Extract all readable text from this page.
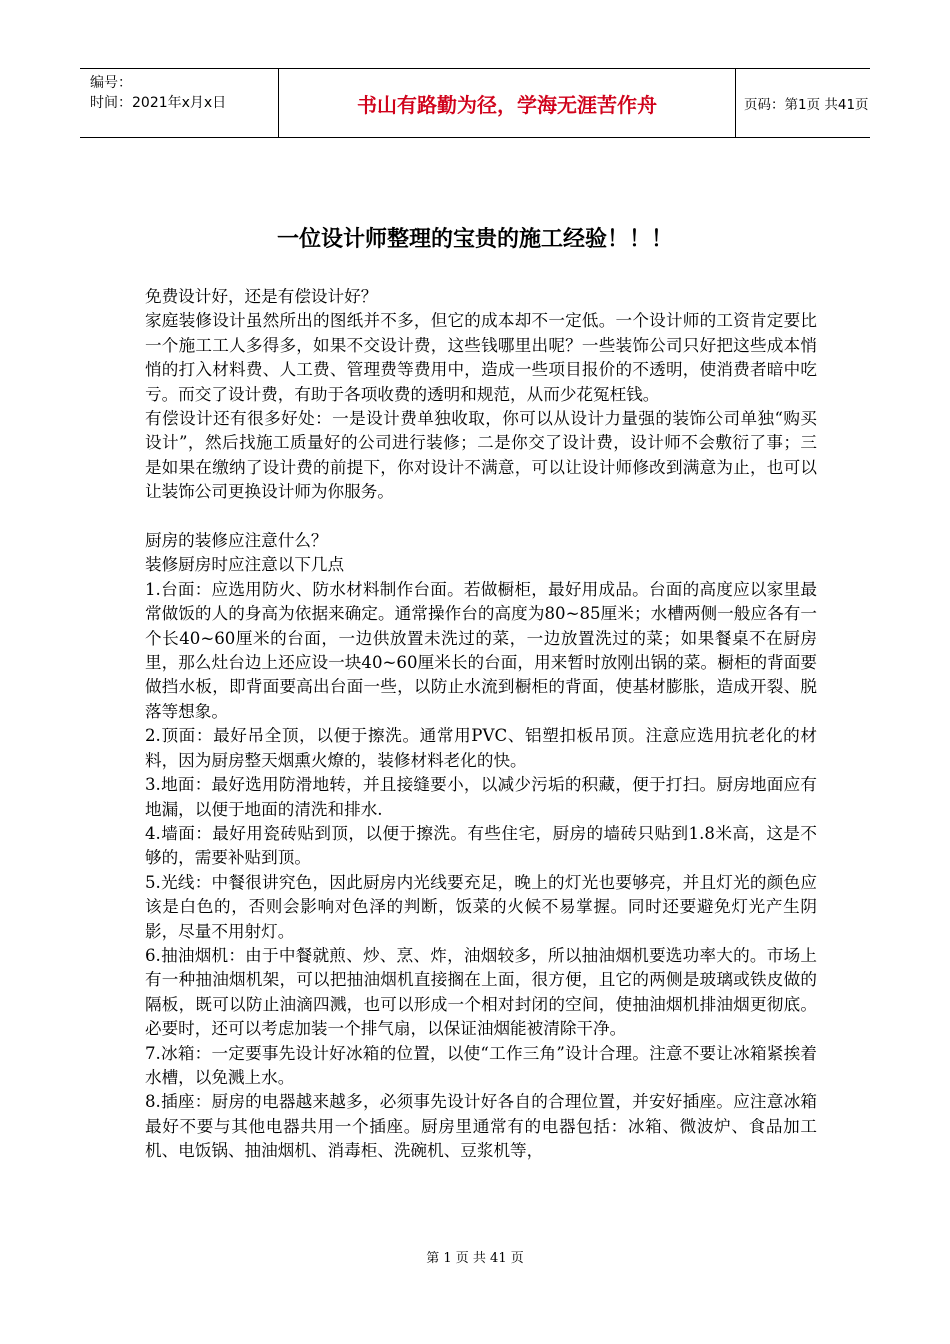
编号：
时间：2021年x月x日	书山有路勤为径，学海无涯苦作舟	页码：第1页 共41页
一位设计师整理的宝贵的施工经验！！！

免费设计好，还是有偿设计好？

家庭装修设计虽然所出的图纸并不多，但它的成本却不一定低。一个设计师的工资肯定要比一个施工工人多得多，如果不交设计费，这些钱哪里出呢？一些装饰公司只好把这些成本悄悄的打入材料费、人工费、管理费等费用中，造成一些项目报价的不透明，使消费者暗中吃亏。而交了设计费，有助于各项收费的透明和规范，从而少花冤枉钱。

有偿设计还有很多好处：一是设计费单独收取，你可以从设计力量强的装饰公司单独“购买设计”，然后找施工质量好的公司进行装修；二是你交了设计费，设计师不会敷衍了事；三是如果在缴纳了设计费的前提下，你对设计不满意，可以让设计师修改到满意为止，也可以让装饰公司更换设计师为你服务。

厨房的装修应注意什么？

装修厨房时应注意以下几点

1.台面：应选用防火、防水材料制作台面。若做橱柜，最好用成品。台面的高度应以家里最常做饭的人的身高为依据来确定。通常操作台的高度为80~85厘米；水槽两侧一般应各有一个长40~60厘米的台面，一边供放置未洗过的菜，一边放置洗过的菜；如果餐桌不在厨房里，那么灶台边上还应设一块40~60厘米长的台面，用来暂时放刚出锅的菜。橱柜的背面要做挡水板，即背面要高出台面一些，以防止水流到橱柜的背面，使基材膨胀，造成开裂、脱落等想象。

2.顶面：最好吊全顶，以便于擦洗。通常用PVC、铝塑扣板吊顶。注意应选用抗老化的材料，因为厨房整天烟熏火燎的，装修材料老化的快。

3.地面：最好选用防滑地转，并且接缝要小，以减少污垢的积藏，便于打扫。厨房地面应有地漏，以便于地面的清洗和排水.

4.墙面：最好用瓷砖贴到顶，以便于擦洗。有些住宅，厨房的墙砖只贴到1.8米高，这是不够的，需要补贴到顶。

5.光线：中餐很讲究色，因此厨房内光线要充足，晚上的灯光也要够亮，并且灯光的颜色应该是白色的，否则会影响对色泽的判断，饭菜的火候不易掌握。同时还要避免灯光产生阴影，尽量不用射灯。

6.抽油烟机：由于中餐就煎、炒、烹、炸，油烟较多，所以抽油烟机要选功率大的。市场上有一种抽油烟机架，可以把抽油烟机直接搁在上面，很方便，且它的两侧是玻璃或铁皮做的隔板，既可以防止油滴四溅，也可以形成一个相对封闭的空间，使抽油烟机排油烟更彻底。必要时，还可以考虑加装一个排气扇，以保证油烟能被清除干净。

7.冰箱：一定要事先设计好冰箱的位置，以使“工作三角”设计合理。注意不要让冰箱紧挨着水槽，以免溅上水。

8.插座：厨房的电器越来越多，必须事先设计好各自的合理位置，并安好插座。应注意冰箱最好不要与其他电器共用一个插座。厨房里通常有的电器包括：冰箱、微波炉、食品加工机、电饭锅、抽油烟机、消毒柜、洗碗机、豆浆机等，

第 1 页 共 41 页
